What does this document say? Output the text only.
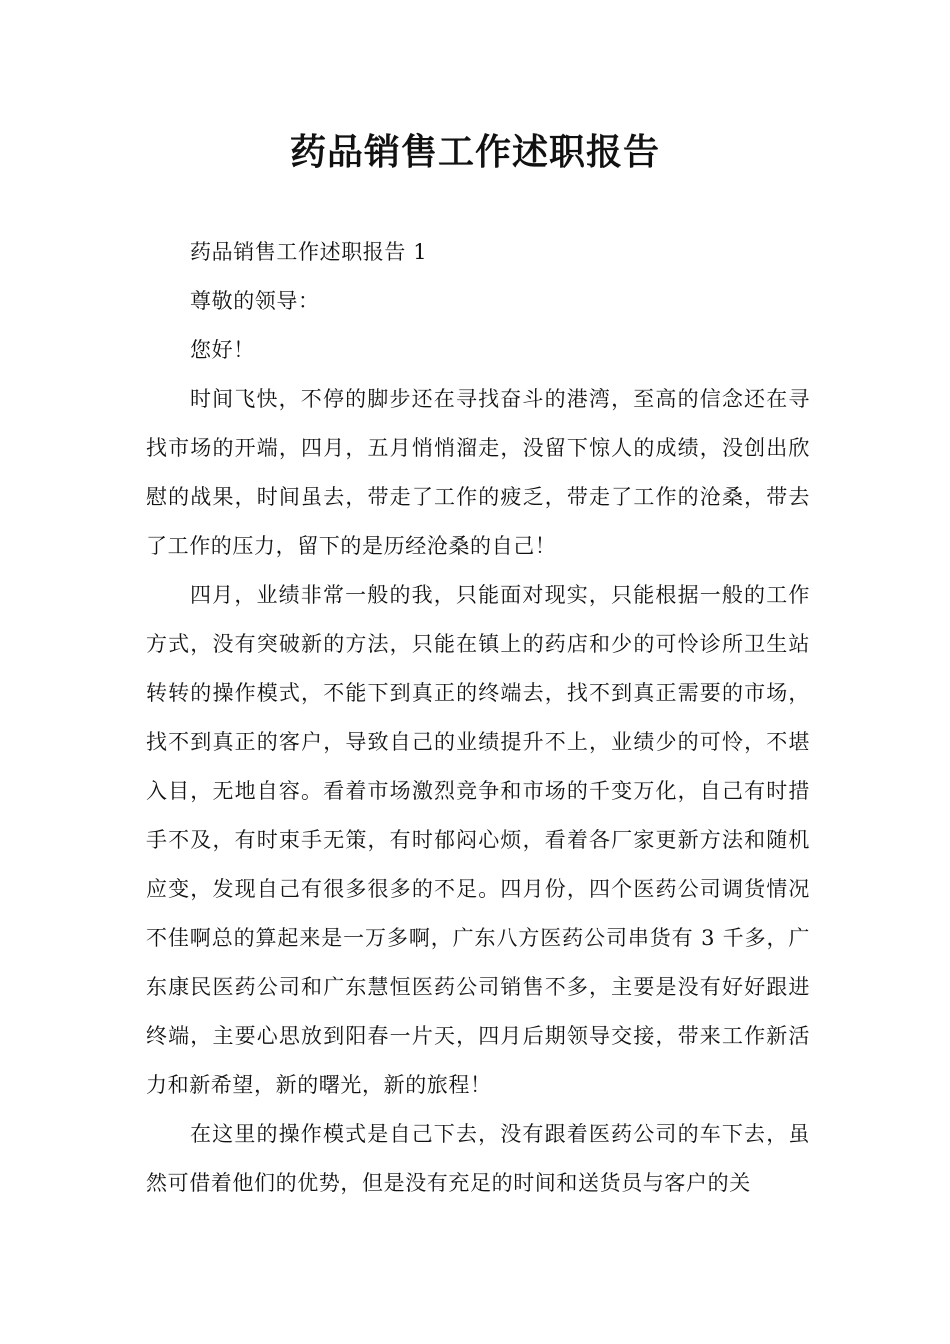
药品销售工作述职报告

药品销售工作述职报告 1

尊敬的领导：

您好！

时间飞快，不停的脚步还在寻找奋斗的港湾，至高的信念还在寻找市场的开端，四月，五月悄悄溜走，没留下惊人的成绩，没创出欣慰的战果，时间虽去，带走了工作的疲乏，带走了工作的沧桑，带去了工作的压力，留下的是历经沧桑的自己！

四月，业绩非常一般的我，只能面对现实，只能根据一般的工作方式，没有突破新的方法，只能在镇上的药店和少的可怜诊所卫生站转转的操作模式，不能下到真正的终端去，找不到真正需要的市场，找不到真正的客户，导致自己的业绩提升不上，业绩少的可怜，不堪入目，无地自容。看着市场激烈竞争和市场的千变万化，自己有时措手不及，有时束手无策，有时郁闷心烦，看着各厂家更新方法和随机应变，发现自己有很多很多的不足。四月份，四个医药公司调货情况不佳啊总的算起来是一万多啊，广东八方医药公司串货有 3 千多，广东康民医药公司和广东慧恒医药公司销售不多，主要是没有好好跟进终端，主要心思放到阳春一片天，四月后期领导交接，带来工作新活力和新希望，新的曙光，新的旅程！

在这里的操作模式是自己下去，没有跟着医药公司的车下去，虽然可借着他们的优势，但是没有充足的时间和送货员与客户的关
